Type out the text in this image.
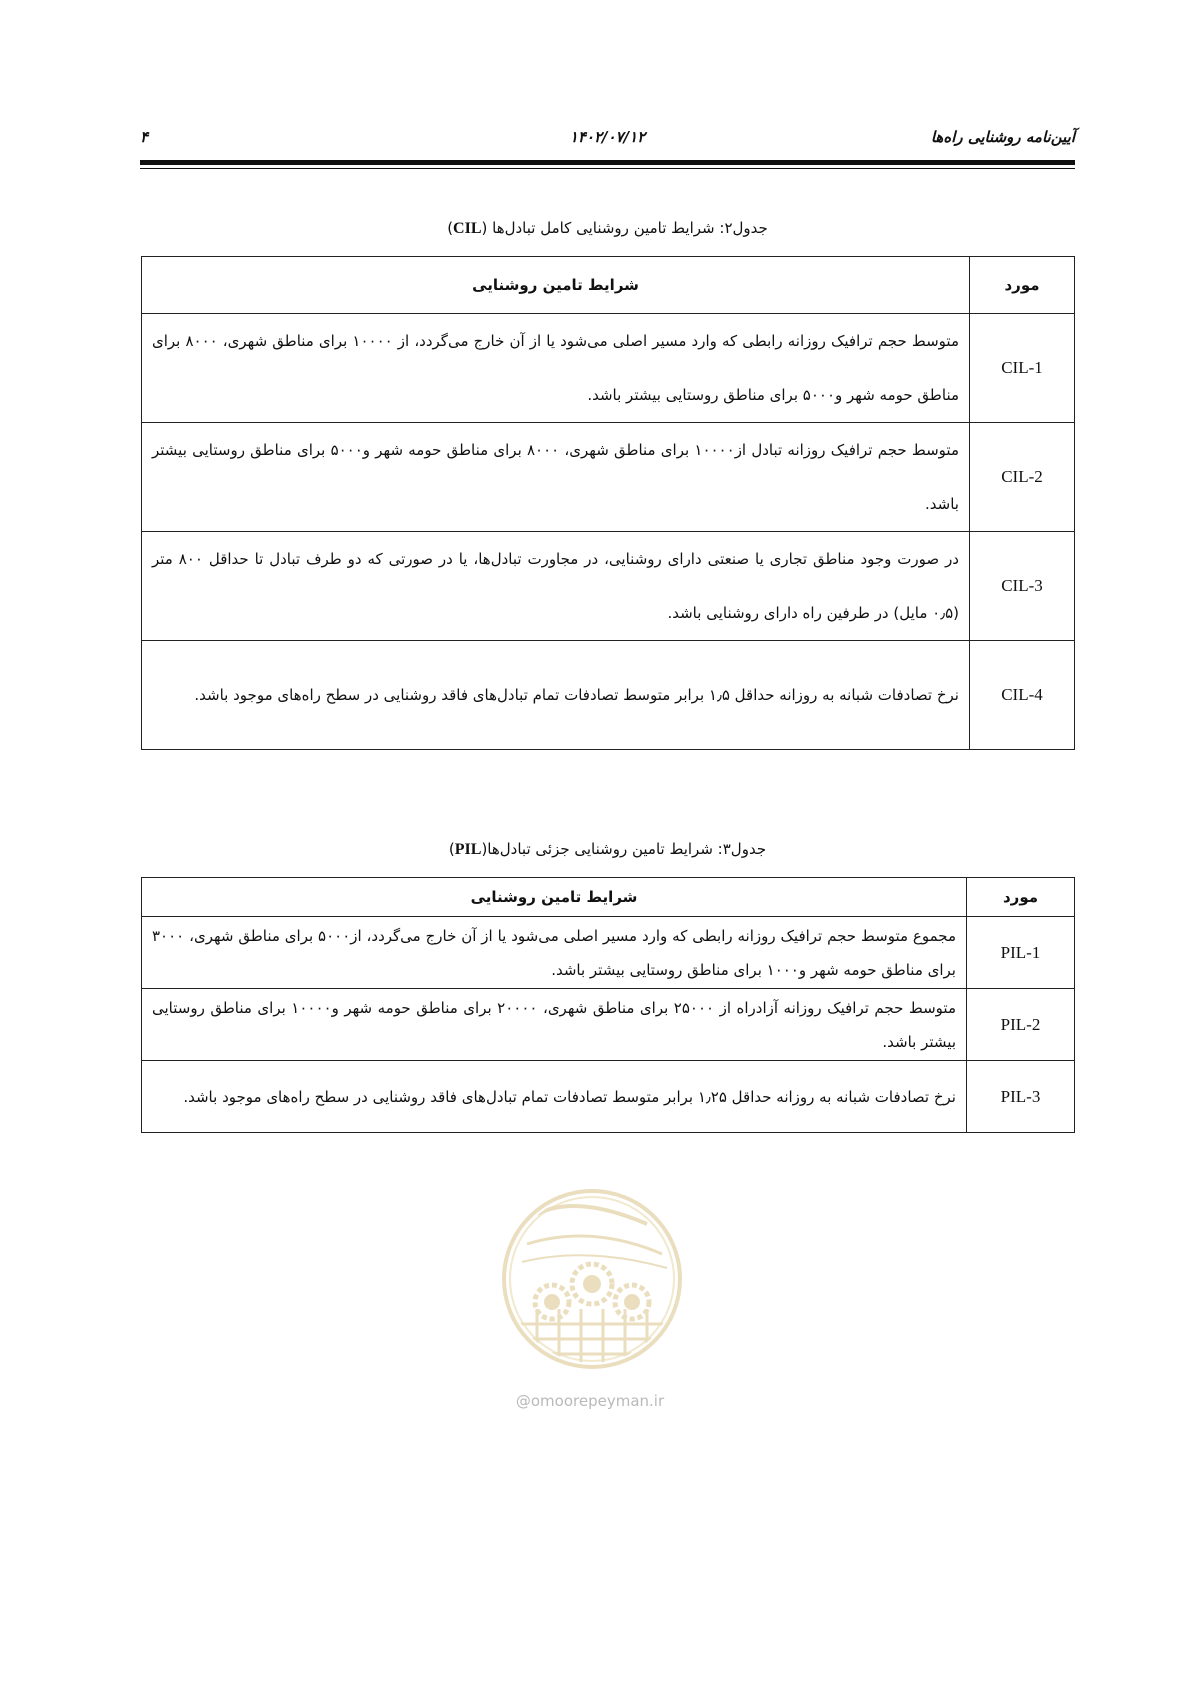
۴	۱۴۰۲/۰۷/۱۲	آیین‌نامه روشنایی راه‌ها
جدول۲: شرایط تامین روشنایی کامل تبادل‌ها (CIL)
مورد	شرایط تامین روشنایی
CIL-1	متوسط حجم ترافیک روزانه رابطی که وارد مسیر اصلی می‌شود یا از آن خارج می‌گردد، از ۱۰۰۰۰ برای مناطق شهری، ۸۰۰۰ برای مناطق حومه شهر و۵۰۰۰ برای مناطق روستایی بیشتر باشد.
CIL-2	متوسط حجم ترافیک روزانه تبادل از۱۰۰۰۰ برای مناطق شهری، ۸۰۰۰ برای مناطق حومه شهر و۵۰۰۰ برای مناطق روستایی بیشتر باشد.
CIL-3	در صورت وجود مناطق تجاری یا صنعتی دارای روشنایی، در مجاورت تبادل‌ها، یا در صورتی که دو طرف تبادل تا حداقل ۸۰۰ متر (۰٫۵ مایل) در طرفین راه دارای روشنایی باشد.
CIL-4	نرخ تصادفات شبانه به روزانه حداقل ۱٫۵ برابر متوسط تصادفات تمام تبادل‌های فاقد روشنایی در سطح راه‌های موجود باشد.
جدول۳: شرایط تامین روشنایی جزئی تبادل‌ها(PIL)
مورد	شرایط تامین روشنایی
PIL-1	مجموع متوسط حجم ترافیک روزانه رابطی که وارد مسیر اصلی می‌شود یا از آن خارج می‌گردد، از۵۰۰۰ برای مناطق شهری، ۳۰۰۰ برای مناطق حومه شهر و۱۰۰۰ برای مناطق روستایی بیشتر باشد.
PIL-2	متوسط حجم ترافیک روزانه آزادراه از ۲۵۰۰۰ برای مناطق شهری، ۲۰۰۰۰ برای مناطق حومه شهر و۱۰۰۰۰ برای مناطق روستایی بیشتر باشد.
PIL-3	نرخ تصادفات شبانه به روزانه حداقل ۱٫۲۵ برابر متوسط تصادفات تمام تبادل‌های فاقد روشنایی در سطح راه‌های موجود باشد.
@omoorepeyman.ir
